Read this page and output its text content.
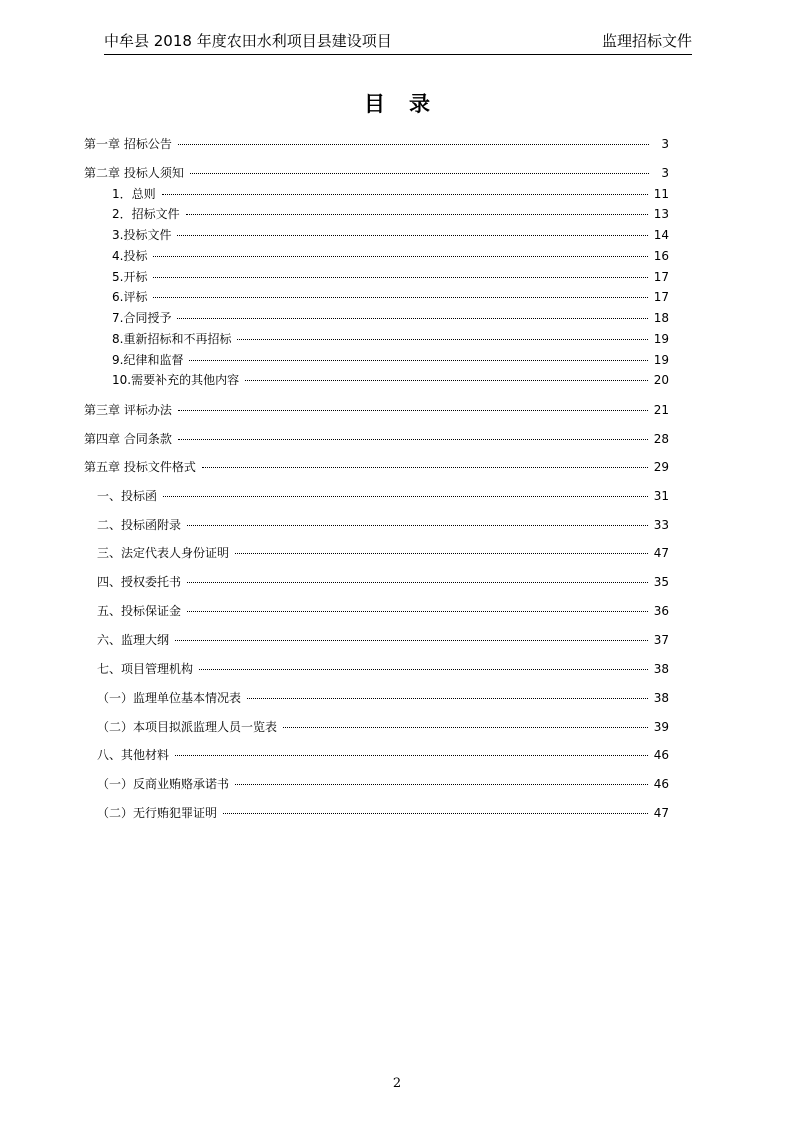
中牟县 2018 年度农田水利项目县建设项目	监理招标文件
目录
第一章 招标公告	3
第二章 投标人须知	3
1．总则	11
2．招标文件	13
3.投标文件	14
4.投标	16
5.开标	17
6.评标	17
7.合同授予	18
8.重新招标和不再招标	19
9.纪律和监督	19
10.需要补充的其他内容	20
第三章 评标办法	21
第四章 合同条款	28
第五章 投标文件格式	29
一、投标函	31
二、投标函附录	33
三、法定代表人身份证明	47
四、授权委托书	35
五、投标保证金	36
六、监理大纲	37
七、项目管理机构	38
（一）监理单位基本情况表	38
（二）本项目拟派监理人员一览表	39
八、其他材料	46
（一）反商业贿赂承诺书	46
（二）无行贿犯罪证明	47
2
